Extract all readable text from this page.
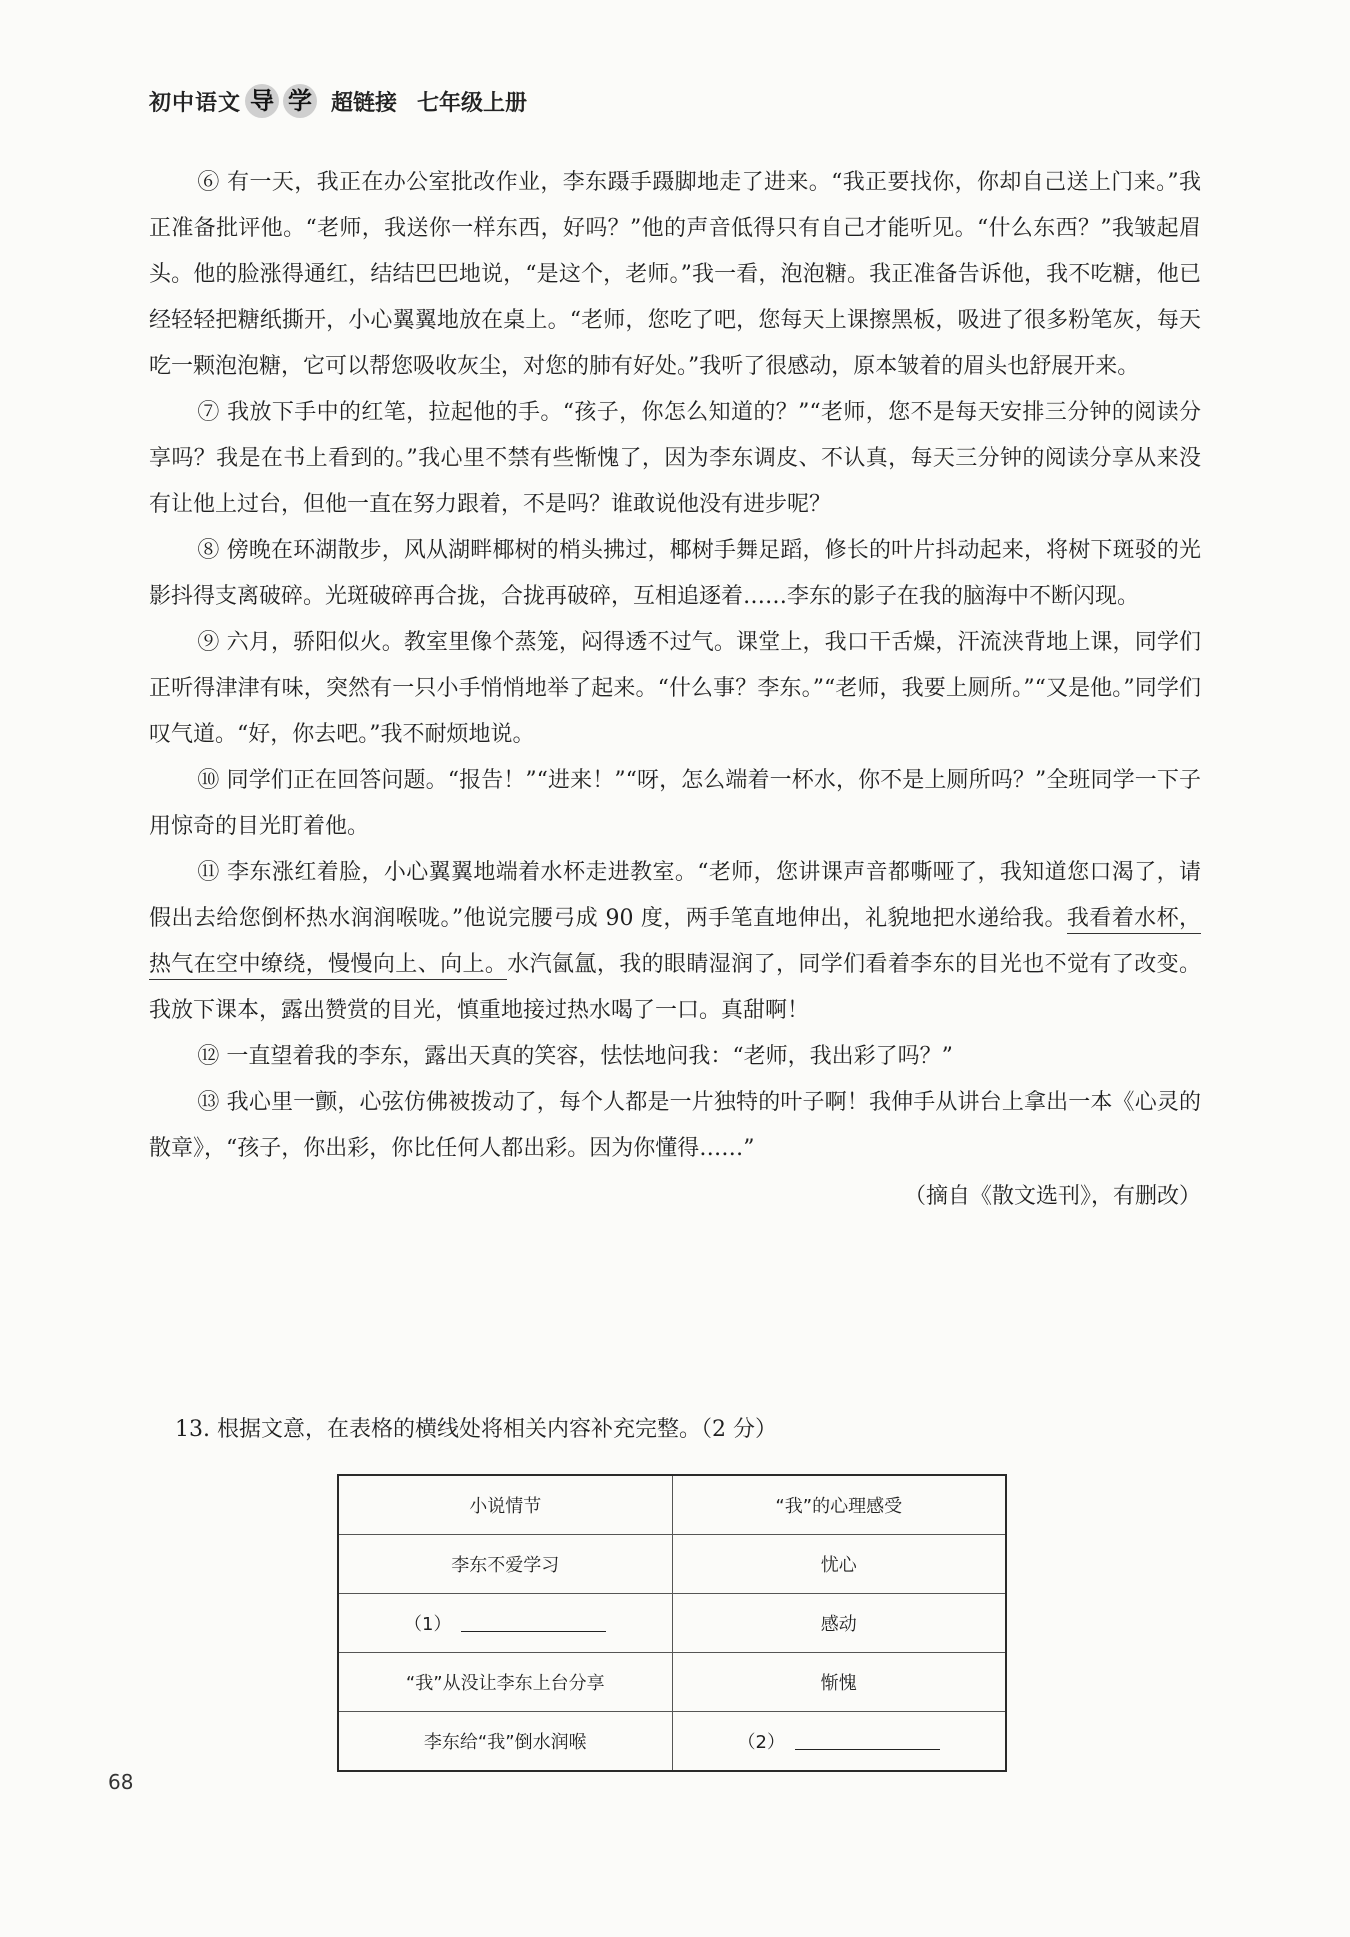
初中语文 导 学 超链接 七年级上册

⑥ 有一天，我正在办公室批改作业，李东蹑手蹑脚地走了进来。“我正要找你，你却自己送上门来。”我正准备批评他。“老师，我送你一样东西，好吗？”他的声音低得只有自己才能听见。“什么东西？”我皱起眉头。他的脸涨得通红，结结巴巴地说，“是这个，老师。”我一看，泡泡糖。我正准备告诉他，我不吃糖，他已经轻轻把糖纸撕开，小心翼翼地放在桌上。“老师，您吃了吧，您每天上课擦黑板，吸进了很多粉笔灰，每天吃一颗泡泡糖，它可以帮您吸收灰尘，对您的肺有好处。”我听了很感动，原本皱着的眉头也舒展开来。

⑦ 我放下手中的红笔，拉起他的手。“孩子，你怎么知道的？”“老师，您不是每天安排三分钟的阅读分享吗？我是在书上看到的。”我心里不禁有些惭愧了，因为李东调皮、不认真，每天三分钟的阅读分享从来没有让他上过台，但他一直在努力跟着，不是吗？谁敢说他没有进步呢？

⑧ 傍晚在环湖散步，风从湖畔椰树的梢头拂过，椰树手舞足蹈，修长的叶片抖动起来，将树下斑驳的光影抖得支离破碎。光斑破碎再合拢，合拢再破碎，互相追逐着……李东的影子在我的脑海中不断闪现。

⑨ 六月，骄阳似火。教室里像个蒸笼，闷得透不过气。课堂上，我口干舌燥，汗流浃背地上课，同学们正听得津津有味，突然有一只小手悄悄地举了起来。“什么事？李东。”“老师，我要上厕所。”“又是他。”同学们叹气道。“好，你去吧。”我不耐烦地说。

⑩ 同学们正在回答问题。“报告！”“进来！”“呀，怎么端着一杯水，你不是上厕所吗？”全班同学一下子用惊奇的目光盯着他。

⑪ 李东涨红着脸，小心翼翼地端着水杯走进教室。“老师，您讲课声音都嘶哑了，我知道您口渴了，请假出去给您倒杯热水润润喉咙。”他说完腰弓成 90 度，两手笔直地伸出，礼貌地把水递给我。我看着水杯，热气在空中缭绕，慢慢向上、向上。水汽氤氲，我的眼睛湿润了，同学们看着李东的目光也不觉有了改变。我放下课本，露出赞赏的目光，慎重地接过热水喝了一口。真甜啊！

⑫ 一直望着我的李东，露出天真的笑容，怯怯地问我：“老师，我出彩了吗？”

⑬ 我心里一颤，心弦仿佛被拨动了，每个人都是一片独特的叶子啊！我伸手从讲台上拿出一本《心灵的散章》，“孩子，你出彩，你比任何人都出彩。因为你懂得……”

（摘自《散文选刊》，有删改）
13. 根据文意，在表格的横线处将相关内容补充完整。（2 分）
小说情节	“我”的心理感受
李东不爱学习	忧心
（1）	感动
“我”从没让李东上台分享	惭愧
李东给“我”倒水润喉	（2）
68
